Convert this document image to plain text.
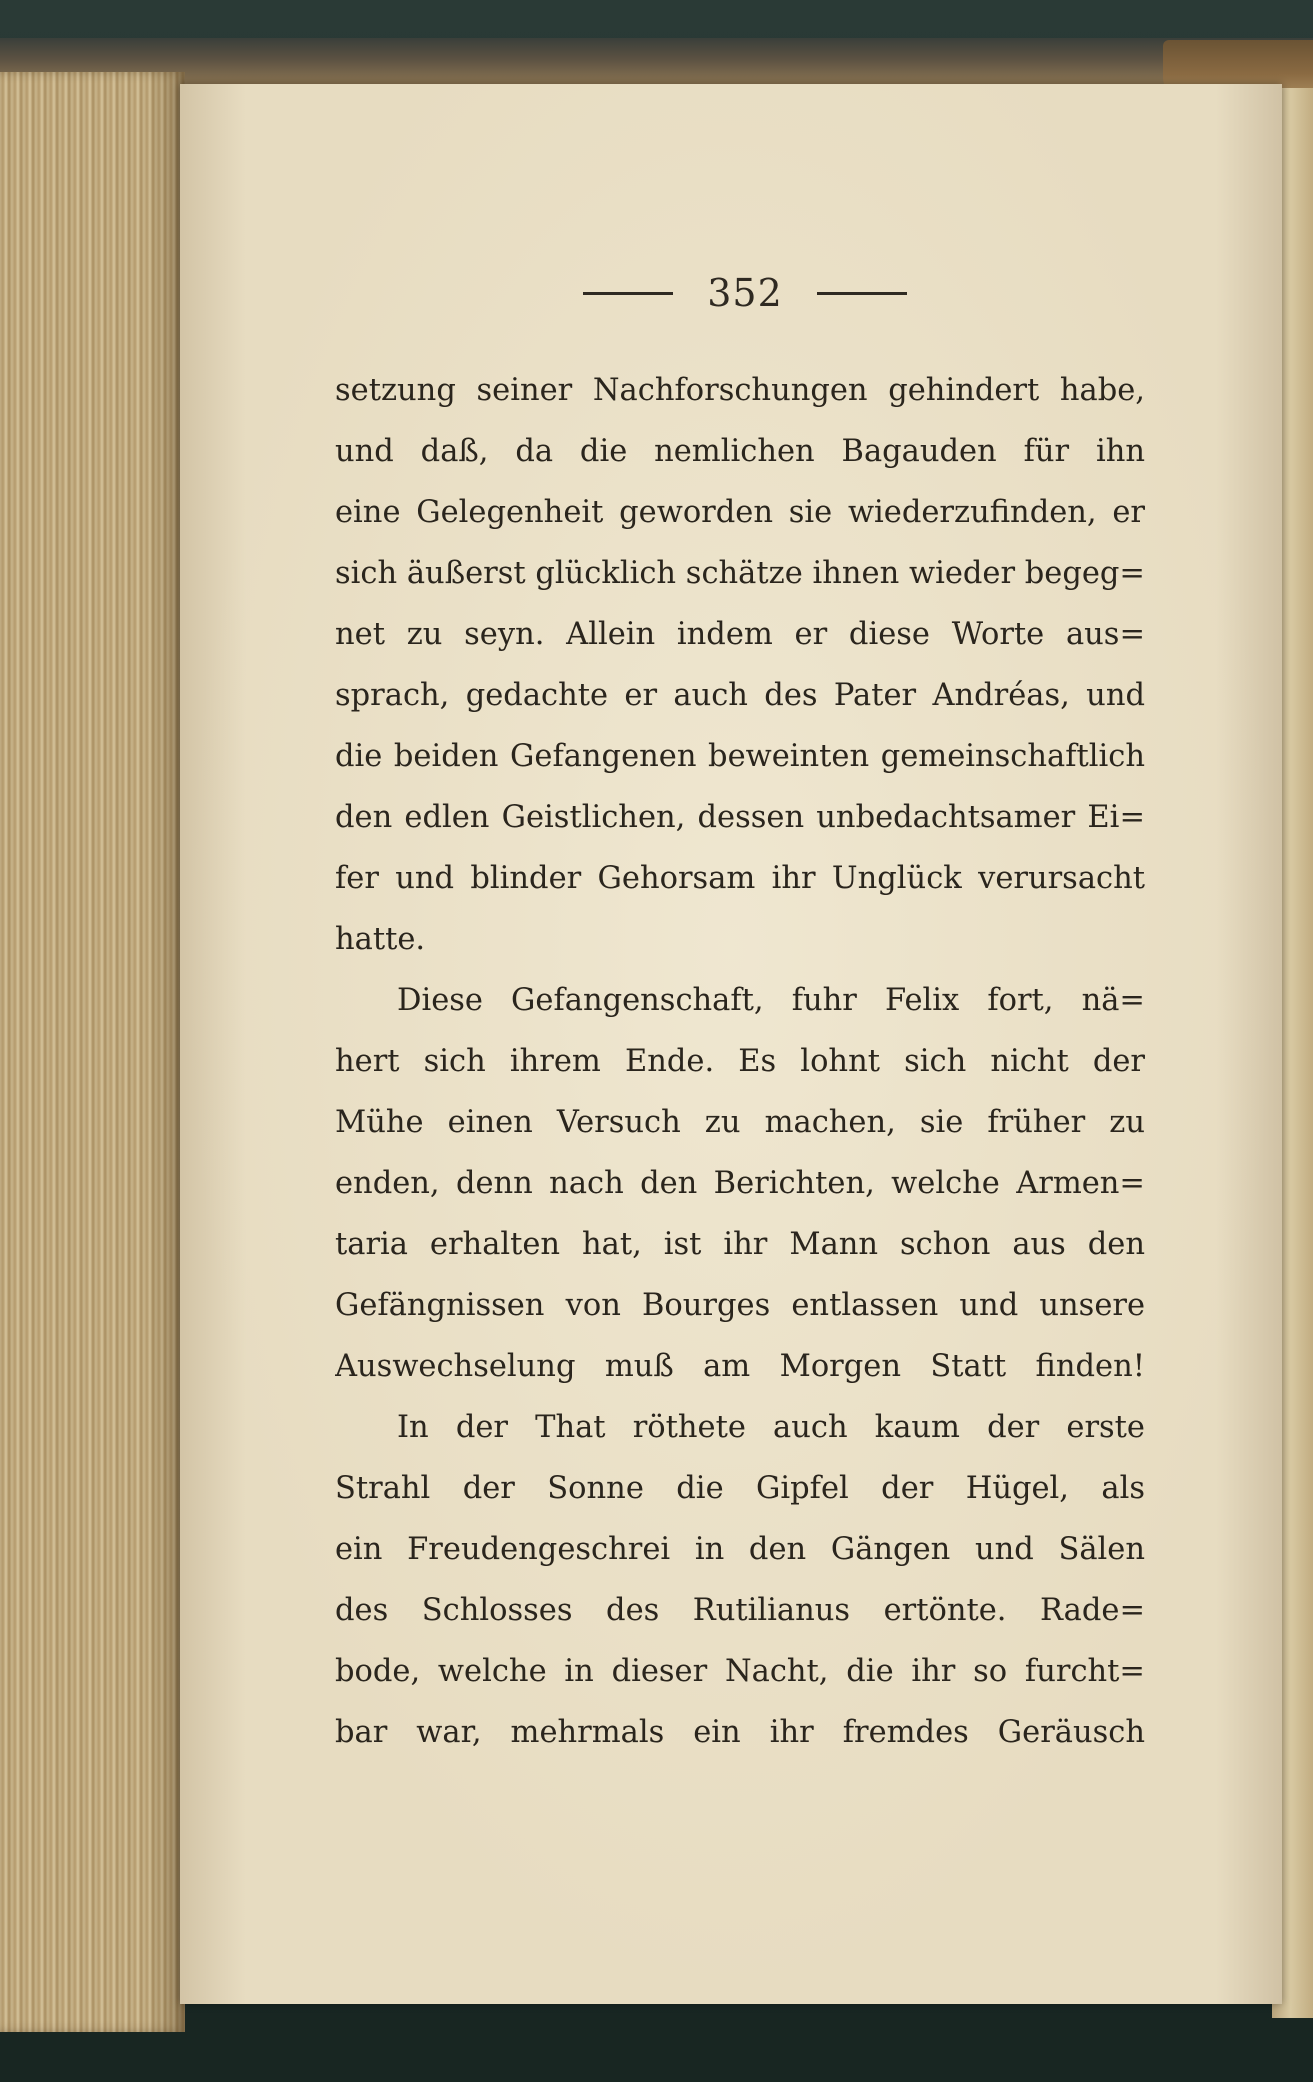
352
setzung seiner Nachforschungen gehindert habe,
und daß, da die nemlichen Bagauden für ihn
eine Gelegenheit geworden sie wiederzufinden, er
sich äußerst glücklich schätze ihnen wieder begeg=
net zu seyn. Allein indem er diese Worte aus=
sprach, gedachte er auch des Pater Andréas, und
die beiden Gefangenen beweinten gemeinschaftlich
den edlen Geistlichen, dessen unbedachtsamer Ei=
fer und blinder Gehorsam ihr Unglück verursacht
hatte.
Diese Gefangenschaft, fuhr Felix fort, nä=
hert sich ihrem Ende. Es lohnt sich nicht der
Mühe einen Versuch zu machen, sie früher zu
enden, denn nach den Berichten, welche Armen=
taria erhalten hat, ist ihr Mann schon aus den
Gefängnissen von Bourges entlassen und unsere
Auswechselung muß am Morgen Statt finden!
In der That röthete auch kaum der erste
Strahl der Sonne die Gipfel der Hügel, als
ein Freudengeschrei in den Gängen und Sälen
des Schlosses des Rutilianus ertönte. Rade=
bode, welche in dieser Nacht, die ihr so furcht=
bar war, mehrmals ein ihr fremdes Geräusch
